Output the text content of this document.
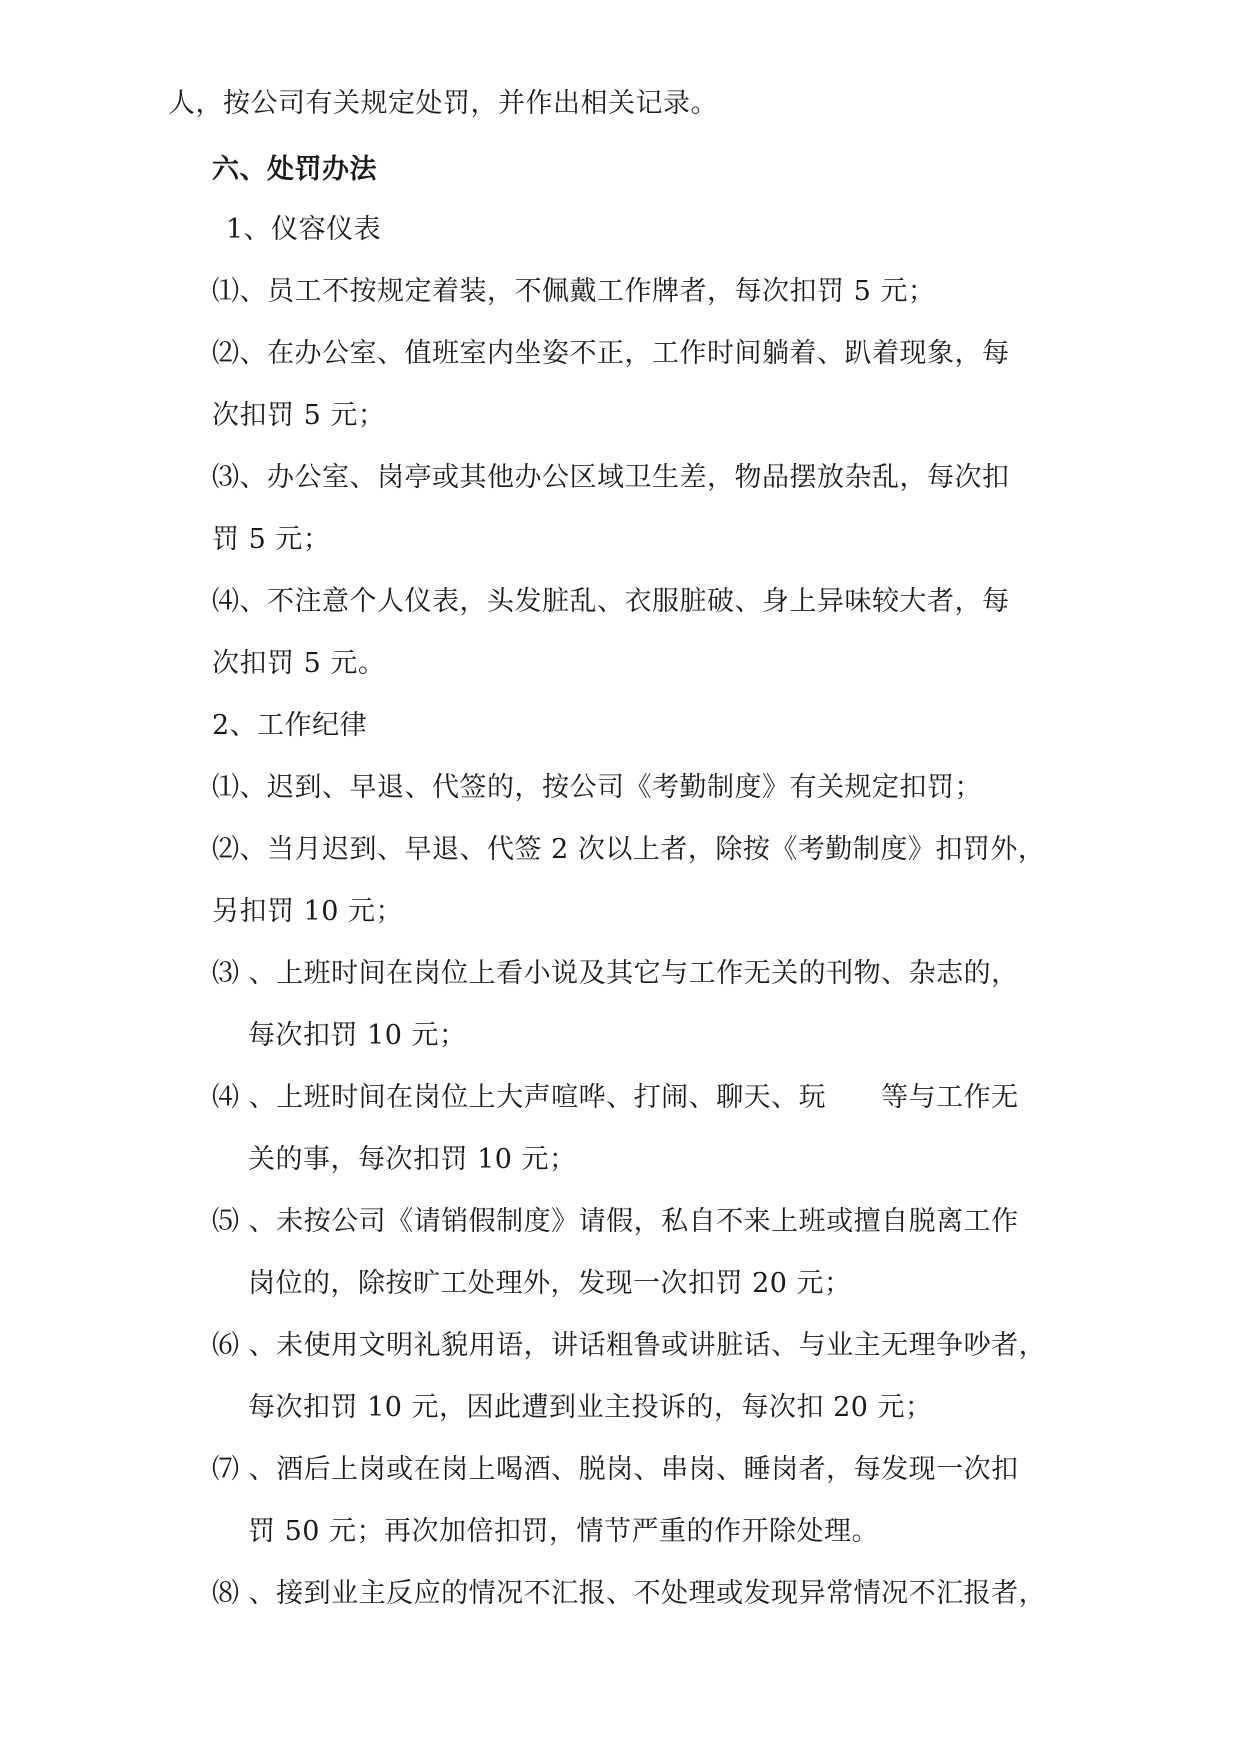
人，按公司有关规定处罚，并作出相关记录。
六、处罚办法
1、仪容仪表
⑴、员工不按规定着装，不佩戴工作牌者，每次扣罚 5 元；
⑵、在办公室、值班室内坐姿不正，工作时间躺着、趴着现象，每
次扣罚 5 元；
⑶、办公室、岗亭或其他办公区域卫生差，物品摆放杂乱，每次扣
罚 5 元；
⑷、不注意个人仪表，头发脏乱、衣服脏破、身上异味较大者，每
次扣罚 5 元。
2、工作纪律
⑴、迟到、早退、代签的，按公司《考勤制度》有关规定扣罚；
⑵、当月迟到、早退、代签 2 次以上者，除按《考勤制度》扣罚外，
另扣罚 10 元；
⑶ 、上班时间在岗位上看小说及其它与工作无关的刊物、杂志的，
每次扣罚 10 元；
⑷ 、上班时间在岗位上大声喧哗、打闹、聊天、玩　　等与工作无
关的事，每次扣罚 10 元；
⑸ 、未按公司《请销假制度》请假，私自不来上班或擅自脱离工作
岗位的，除按旷工处理外，发现一次扣罚 20 元；
⑹ 、未使用文明礼貌用语，讲话粗鲁或讲脏话、与业主无理争吵者，
每次扣罚 10 元，因此遭到业主投诉的，每次扣 20 元；
⑺ 、酒后上岗或在岗上喝酒、脱岗、串岗、睡岗者，每发现一次扣
罚 50 元；再次加倍扣罚，情节严重的作开除处理。
⑻ 、接到业主反应的情况不汇报、不处理或发现异常情况不汇报者，
